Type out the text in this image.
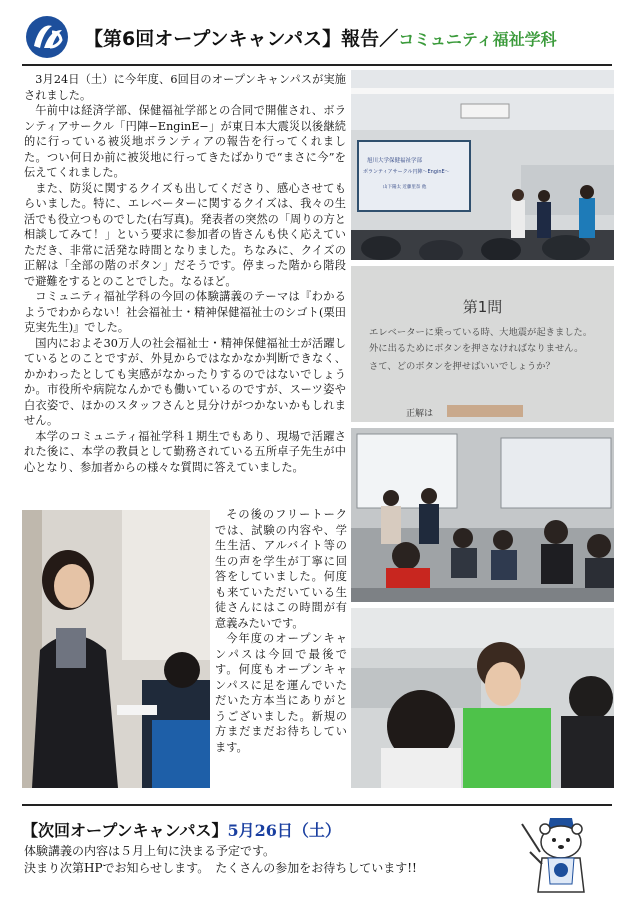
【第6回オープンキャンパス】報告／コミュニティ福祉学科

3月24日（土）に今年度、6回目のオープンキャンパスが実施されました。

午前中は経済学部、保健福祉学部との合同で開催され、ボランティアサークル「円陣−EnginE−」が東日本大震災以後継続的に行っている被災地ボランティアの報告を行ってくれました。つい何日か前に被災地に行ってきたばかりで“まさに今”を伝えてくれました。

また、防災に関するクイズも出してくださり、感心させてもらいました。特に、エレベーターに関するクイズは、我々の生活でも役立つものでした(右写真)。発表者の突然の「周りの方と相談してみて！」という要求に参加者の皆さんも快く応えていただき、非常に活発な時間となりました。ちなみに、クイズの正解は「全部の階のボタン」だそうです。停まった階から階段で避難をするとのことでした。なるほど。

コミュニティ福祉学科の今回の体験講義のテーマは『わかるようでわからない！社会福祉士・精神保健福祉士のシゴト(栗田克実先生)』でした。

国内におよそ30万人の社会福祉士・精神保健福祉士が活躍しているとのことですが、外見からではなかなか判断できなく、かかわったとしても実感がなかったりするのではないでしょうか。市役所や病院なんかでも働いているのですが、スーツ姿や白衣姿で、ほかのスタッフさんと見分けがつかないかもしれません。

本学のコミュニティ福祉学科１期生でもあり、現場で活躍された後に、本学の教員として勤務されている五所卓子先生が中心となり、参加者からの様々な質問に答えていました。

その後のフリートークでは、試験の内容や、学生生活、アルバイト等の生の声を学生が丁寧に回答をしていました。何度も来ていただいている生徒さんにはこの時間が有意義みたいです。

今年度のオープンキャンパスは今回で最後です。何度もオープンキャンパスに足を運んでいただいた方本当にありがとうございました。新規の方まだまだお待ちしています。

旭川大学保健福祉学部
ボランティアサークル円陣〜EnginE〜
山下陽太 近藤里奈 他
第1問
エレベーターに乗っている時、大地震が起きました。
外に出るためにボタンを押さなければなりません。
さて、どのボタンを押せばいいでしょうか？
正解は
【次回オープンキャンパス】5月26日（土）
体験講義の内容は５月上旬に決まる予定です。
決まり次第HPでお知らせします。　たくさんの参加をお待ちしています!!
